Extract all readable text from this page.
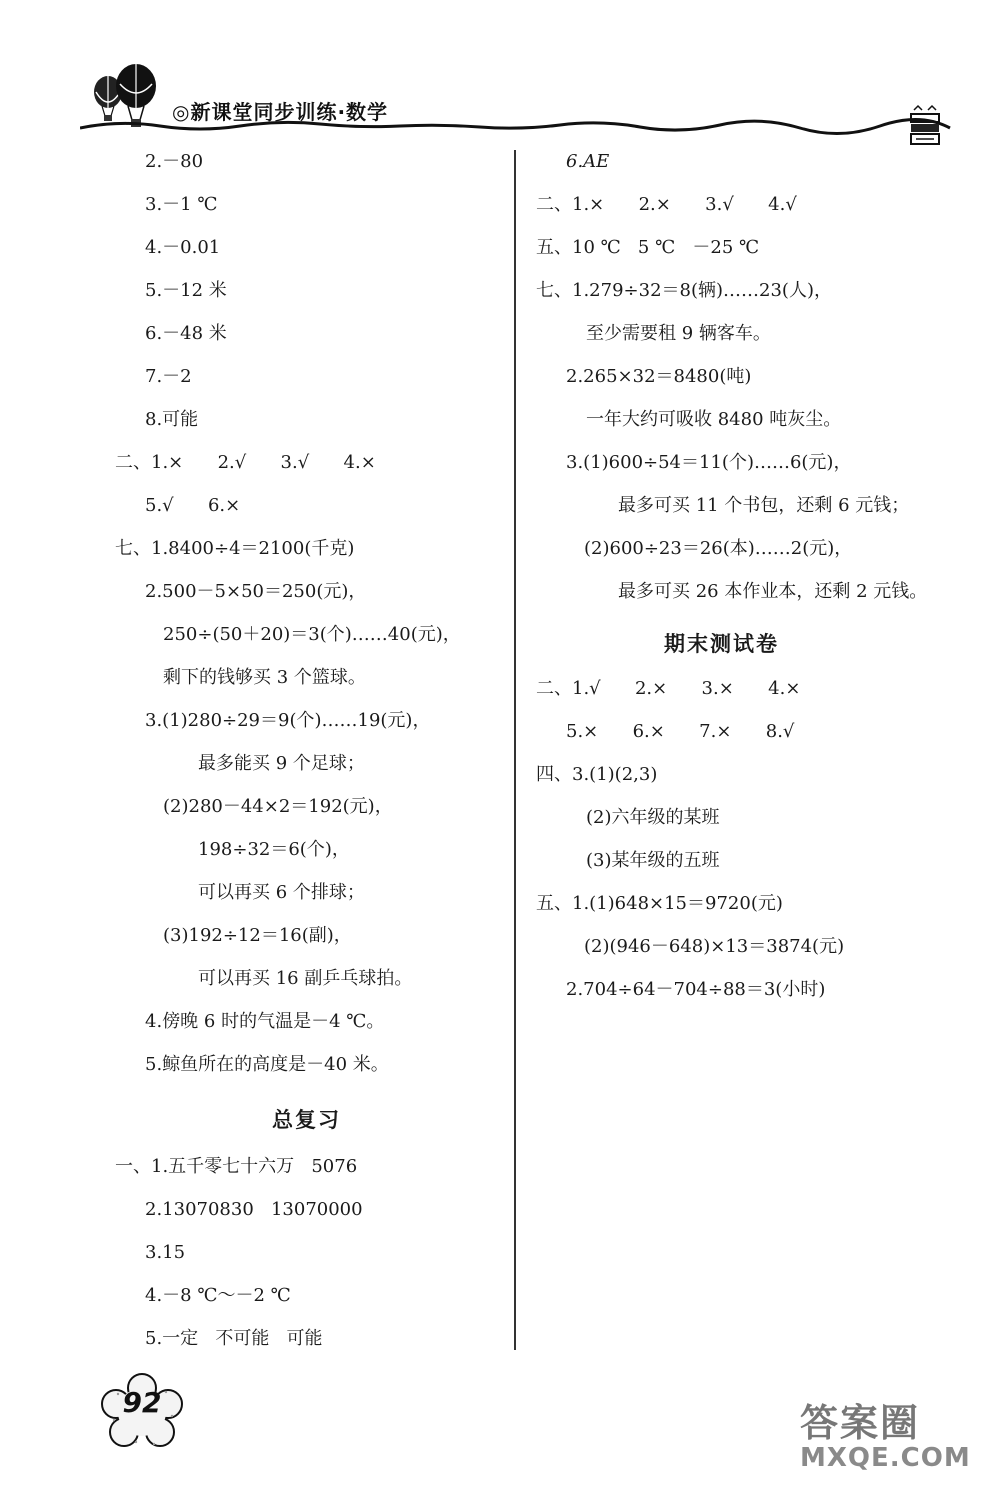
◎新课堂同步训练·数学
2.－80
3.－1 ℃
4.－0.01
5.－12 米
6.－48 米
7.－2
8.可能
二、1.×      2.√      3.√      4.×
5.√      6.×
七、1.8400÷4＝2100(千克)
2.500－5×50＝250(元)，
250÷(50＋20)＝3(个)……40(元)，
剩下的钱够买 3 个篮球。
3.(1)280÷29＝9(个)……19(元)，
最多能买 9 个足球；
(2)280－44×2＝192(元)，
198÷32＝6(个)，
可以再买 6 个排球；
(3)192÷12＝16(副)，
可以再买 16 副乒乓球拍。
4.傍晚 6 时的气温是－4 ℃。
5.鲸鱼所在的高度是－40 米。
总复习
一、1.五千零七十六万   5076
2.13070830   13070000
3.15
4.－8 ℃～－2 ℃
5.一定   不可能   可能
6.AE
二、1.×      2.×      3.√      4.√
五、10 ℃   5 ℃   －25 ℃
七、1.279÷32＝8(辆)……23(人)，
至少需要租 9 辆客车。
2.265×32＝8480(吨)
一年大约可吸收 8480 吨灰尘。
3.(1)600÷54＝11(个)……6(元)，
最多可买 11 个书包，还剩 6 元钱；
(2)600÷23＝26(本)……2(元)，
最多可买 26 本作业本，还剩 2 元钱。
期末测试卷
二、1.√      2.×      3.×      4.×
5.×      6.×      7.×      8.√
四、3.(1)(2,3)
(2)六年级的某班
(3)某年级的五班
五、1.(1)648×15＝9720(元)
(2)(946－648)×13＝3874(元)
2.704÷64－704÷88＝3(小时)
92	答案圈
MXQE.COM
